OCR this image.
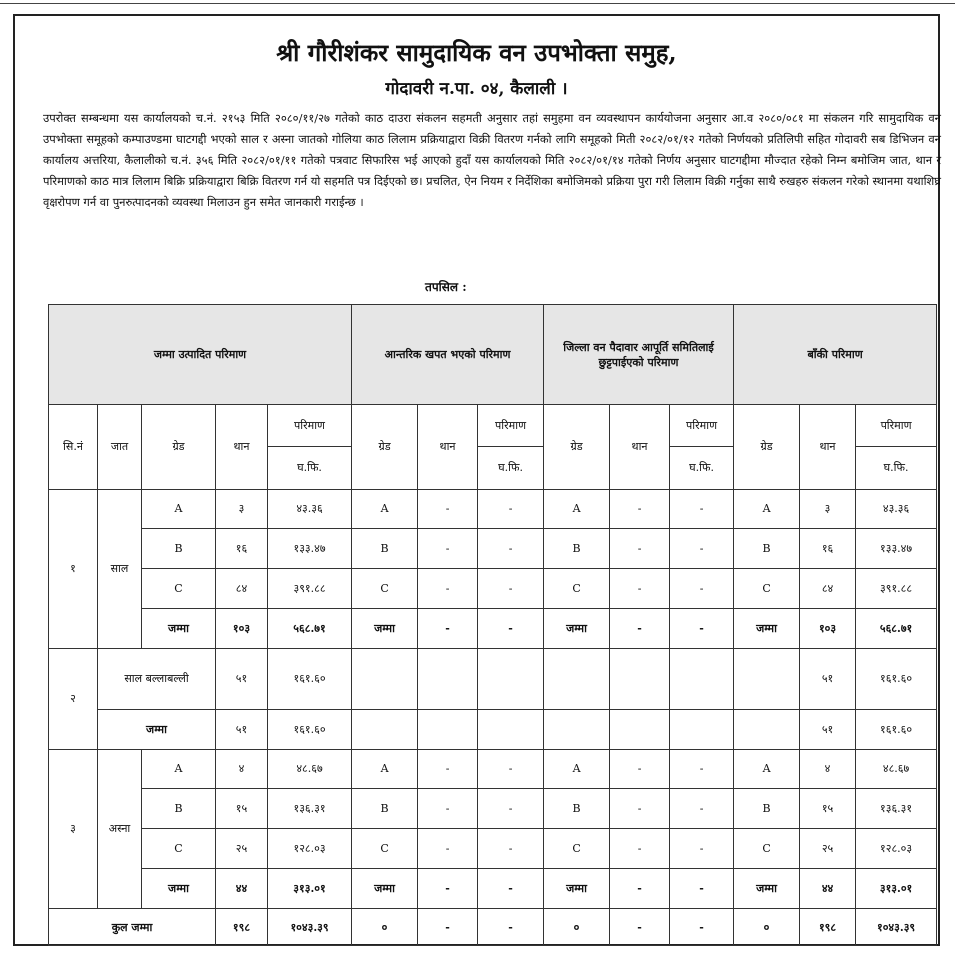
श्री गौरीशंकर सामुदायिक वन उपभोक्ता समुह,
गोदावरी न.पा. ०४, कैलाली ।
उपरोक्त सम्बन्धमा यस कार्यालयको च.नं. २१५३ मिति २०८०/११/२७ गतेको काठ दाउरा संकलन सहमती अनुसार तहां समुहमा वन व्यवस्थापन कार्ययोजना अनुसार आ.व २०८०/०८१ मा संकलन गरि सामुदायिक वन उपभोक्ता समूहको कम्पाउण्डमा घाटगद्दी भएको साल र अस्ना जातको गोलिया काठ लिलाम प्रक्रियाद्वारा विक्री वितरण गर्नको लागि समूहको मिती २०८२/०१/१२ गतेको निर्णयको प्रतिलिपी सहित गोदावरी सब डिभिजन वन कार्यालय अत्तरिया, कैलालीको च.नं. ३५६ मिति २०८२/०१/११ गतेको पत्रवाट सिफारिस भई आएको हुदाँ यस कार्यालयको मिति २०८२/०१/१४ गतेको निर्णय अनुसार घाटगद्दीमा मौज्दात रहेको निम्न बमोजिम जात, थान र परिमाणको काठ मात्र लिलाम बिक्रि प्रक्रियाद्वारा बिक्रि वितरण गर्न यो सहमति पत्र दिईएको छ। प्रचलित, ऐन नियम र निर्देशिका बमोजिमको प्रक्रिया पुरा गरी लिलाम विक्री गर्नुका साथै रुखहरु संकलन गरेको स्थानमा यथाशिघ्र वृक्षरोपण गर्न वा पुनरुत्पादनको व्यवस्था मिलाउन हुन समेत जानकारी गराईन्छ ।
तपसिल :
जम्मा उत्पादित परिमाण					आन्तरिक खपत भएको परिमाण			जिल्ला वन पैदावार आपूर्ति समितिलाई छुट्टपाईएको परिमाण			बाँकी परिमाण		
सि.नं	जात	ग्रेड	थान	परिमाण	ग्रेड	थान	परिमाण	ग्रेड	थान	परिमाण	ग्रेड	थान	परिमाण
				घ.फि.			घ.फि.			घ.फि.			घ.फि.
१	साल	A	३	४३.३६	A	-	-	A	-	-	A	३	४३.३६
		B	१६	१३३.४७	B	-	-	B	-	-	B	१६	१३३.४७
		C	८४	३९१.८८	C	-	-	C	-	-	C	८४	३९१.८८
		जम्मा	१०३	५६८.७१	जम्मा	-	-	जम्मा	-	-	जम्मा	१०३	५६८.७१
२	साल बल्लाबल्ली		५१	१६१.६०								५१	१६१.६०
	जम्मा		५१	१६१.६०								५१	१६१.६०
३	अस्ना	A	४	४८.६७	A	-	-	A	-	-	A	४	४८.६७
		B	१५	१३६.३१	B	-	-	B	-	-	B	१५	१३६.३१
		C	२५	१२८.०३	C	-	-	C	-	-	C	२५	१२८.०३
		जम्मा	४४	३१३.०१	जम्मा	-	-	जम्मा	-	-	जम्मा	४४	३१३.०१
कुल जम्मा			१९८	१०४३.३९	०	-	-	०	-	-	०	१९८	१०४३.३९
